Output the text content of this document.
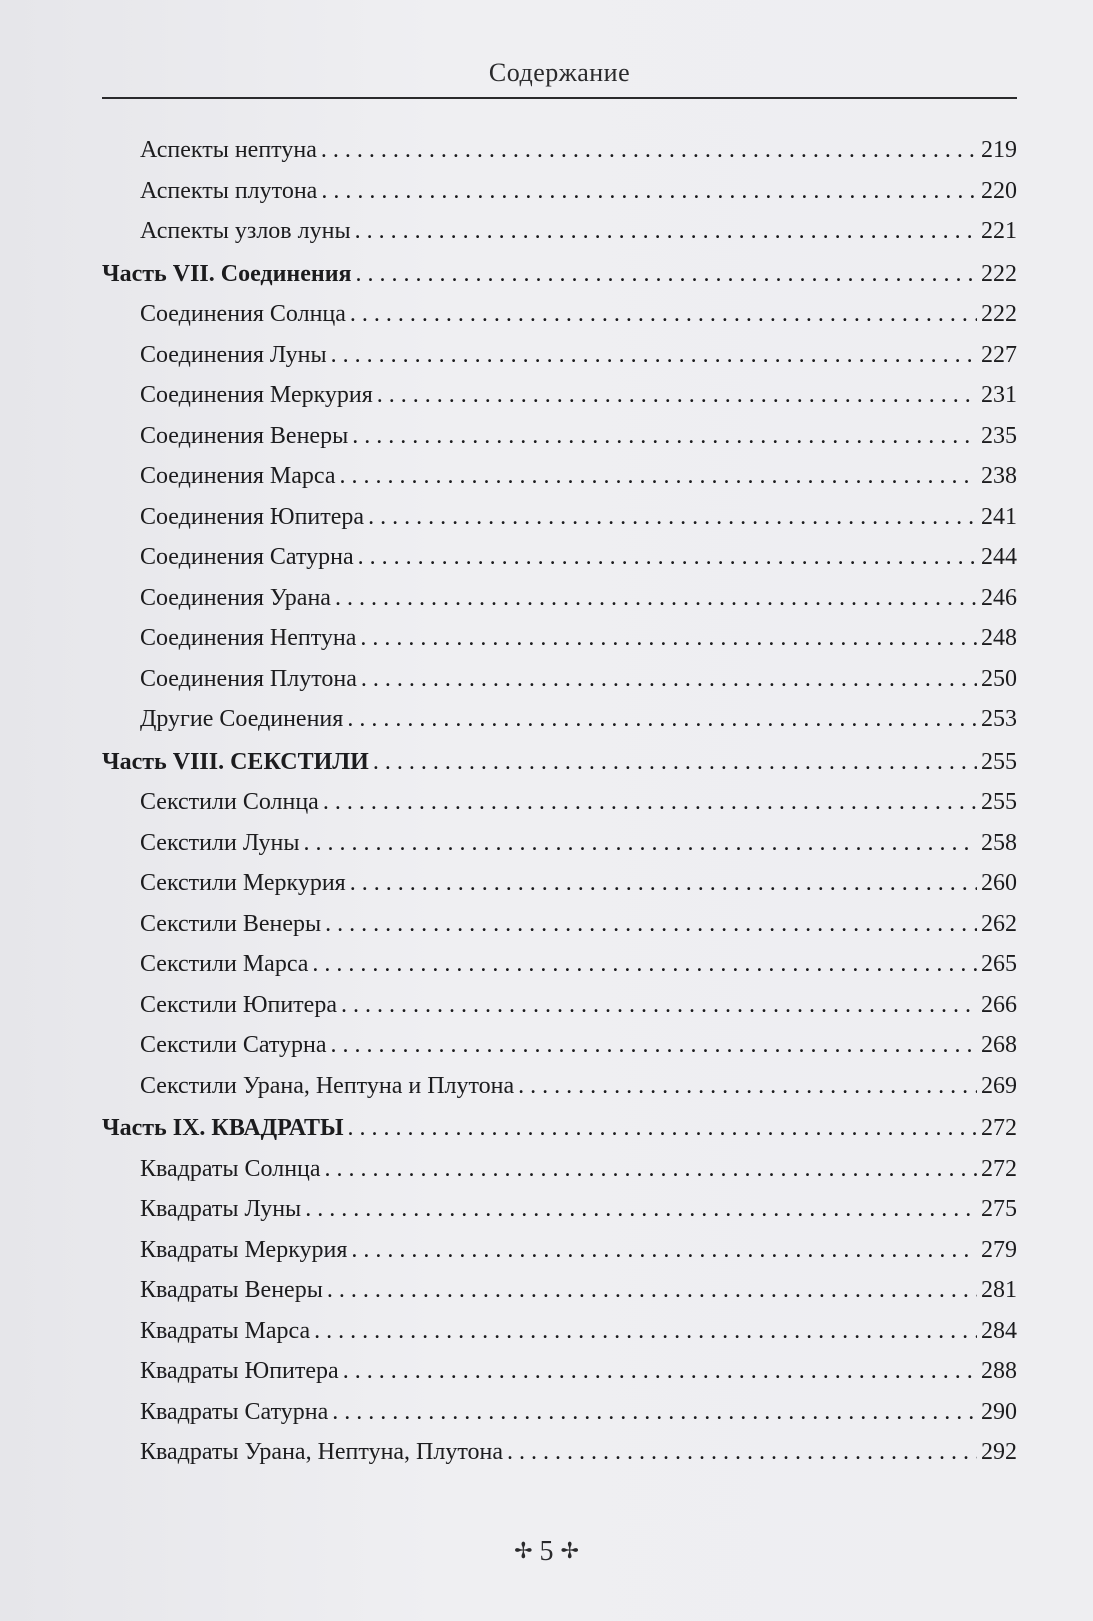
Содержание
Аспекты нептуна . . .	219
Аспекты плутона . . .	220
Аспекты узлов луны . . .	221
Часть VII. Соединения . . .	222
Соединения Солнца . . .	222
Соединения Луны . . .	227
Соединения Меркурия . . .	231
Соединения Венеры . . .	235
Соединения Марса . . .	238
Соединения Юпитера . . .	241
Соединения Сатурна . . .	244
Соединения Урана . . .	246
Соединения Нептуна . . .	248
Соединения Плутона . . .	250
Другие Соединения . . .	253
Часть VIII. СЕКСТИЛИ . . .	255
Секстили Солнца . . .	255
Секстили Луны . . .	258
Секстили Меркурия . . .	260
Секстили Венеры . . .	262
Секстили Марса . . .	265
Секстили Юпитера . . .	266
Секстили Сатурна . . .	268
Секстили Урана, Нептуна и Плутона . . .	269
Часть IX. КВАДРАТЫ . . .	272
Квадраты Солнца . . .	272
Квадраты Луны . . .	275
Квадраты Меркурия . . .	279
Квадраты Венеры . . .	281
Квадраты Марса . . .	284
Квадраты Юпитера . . .	288
Квадраты Сатурна . . .	290
Квадраты Урана, Нептуна, Плутона . . .	292
✢ 5 ✢
